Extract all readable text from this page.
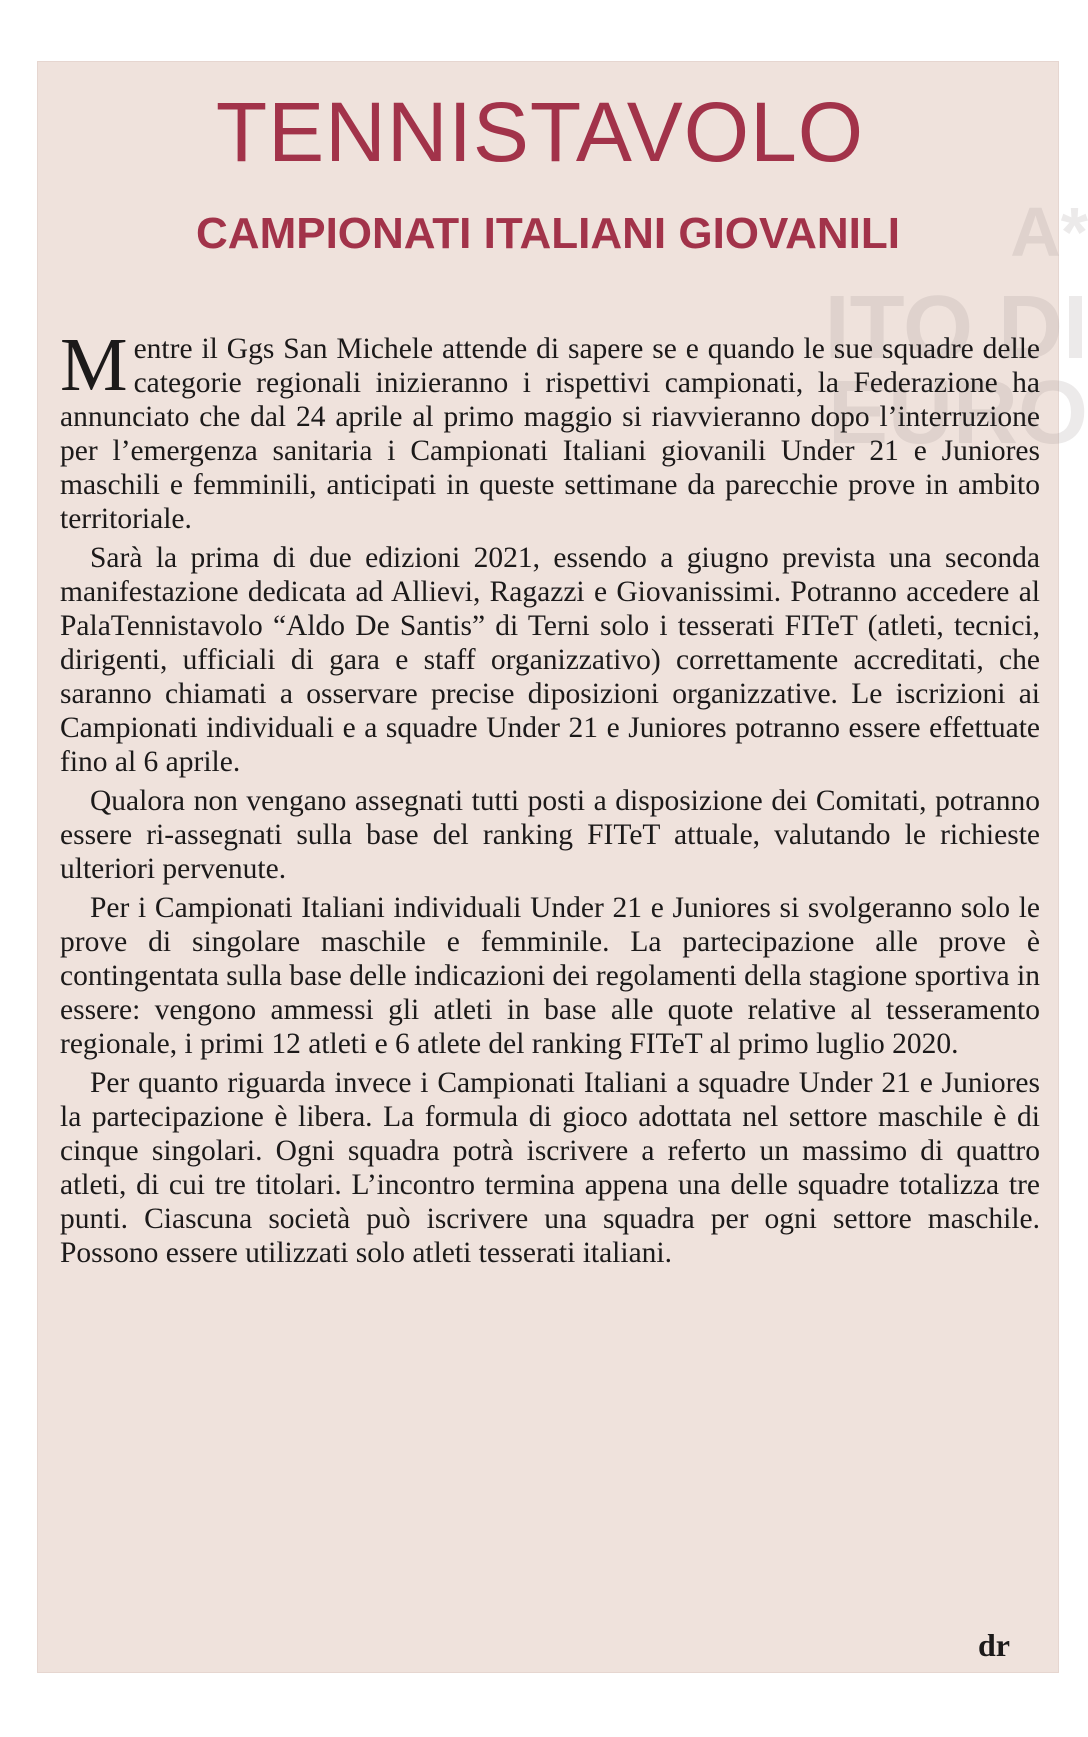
A*
ITO DI
EURO
TENNISTAVOLO
CAMPIONATI ITALIANI GIOVANILI

Mentre il Ggs San Michele attende di sapere se e quando le sue squadre delle categorie regionali inizieranno i rispettivi campionati, la Federazione ha annunciato che dal 24 aprile al primo maggio si riavvieranno dopo l’interruzione per l’emergenza sanitaria i Campionati Italiani giovanili Under 21 e Juniores maschili e femminili, anticipati in queste settimane da parecchie prove in ambito territoriale.

Sarà la prima di due edizioni 2021, essendo a giugno prevista una seconda manifestazione dedicata ad Allievi, Ragazzi e Giovanissimi. Potranno accedere al PalaTennistavolo “Aldo De Santis” di Terni solo i tesserati FITeT (atleti, tecnici, dirigenti, ufficiali di gara e staff organizzativo) correttamente accreditati, che saranno chiamati a osservare precise diposizioni organizzative. Le iscrizioni ai Campionati individuali e a squadre Under 21 e Juniores potranno essere effettuate fino al 6 aprile.

Qualora non vengano assegnati tutti posti a disposizione dei Comitati, potranno essere ri-assegnati sulla base del ranking FITeT attuale, valutando le richieste ulteriori pervenute.

Per i Campionati Italiani individuali Under 21 e Juniores si svolgeranno solo le prove di singolare maschile e femminile. La partecipazione alle prove è contingentata sulla base delle indicazioni dei regolamenti della stagione sportiva in essere: vengono ammessi gli atleti in base alle quote relative al tesseramento regionale, i primi 12 atleti e 6 atlete del ranking FITeT al primo luglio 2020.

Per quanto riguarda invece i Campionati Italiani a squadre Under 21 e Juniores la partecipazione è libera. La formula di gioco adottata nel settore maschile è di cinque singolari. Ogni squadra potrà iscrivere a referto un massimo di quattro atleti, di cui tre titolari. L’incontro termina appena una delle squadre totalizza tre punti. Ciascuna società può iscrivere una squadra per ogni settore maschile. Possono essere utilizzati solo atleti tesserati italiani.

dr
